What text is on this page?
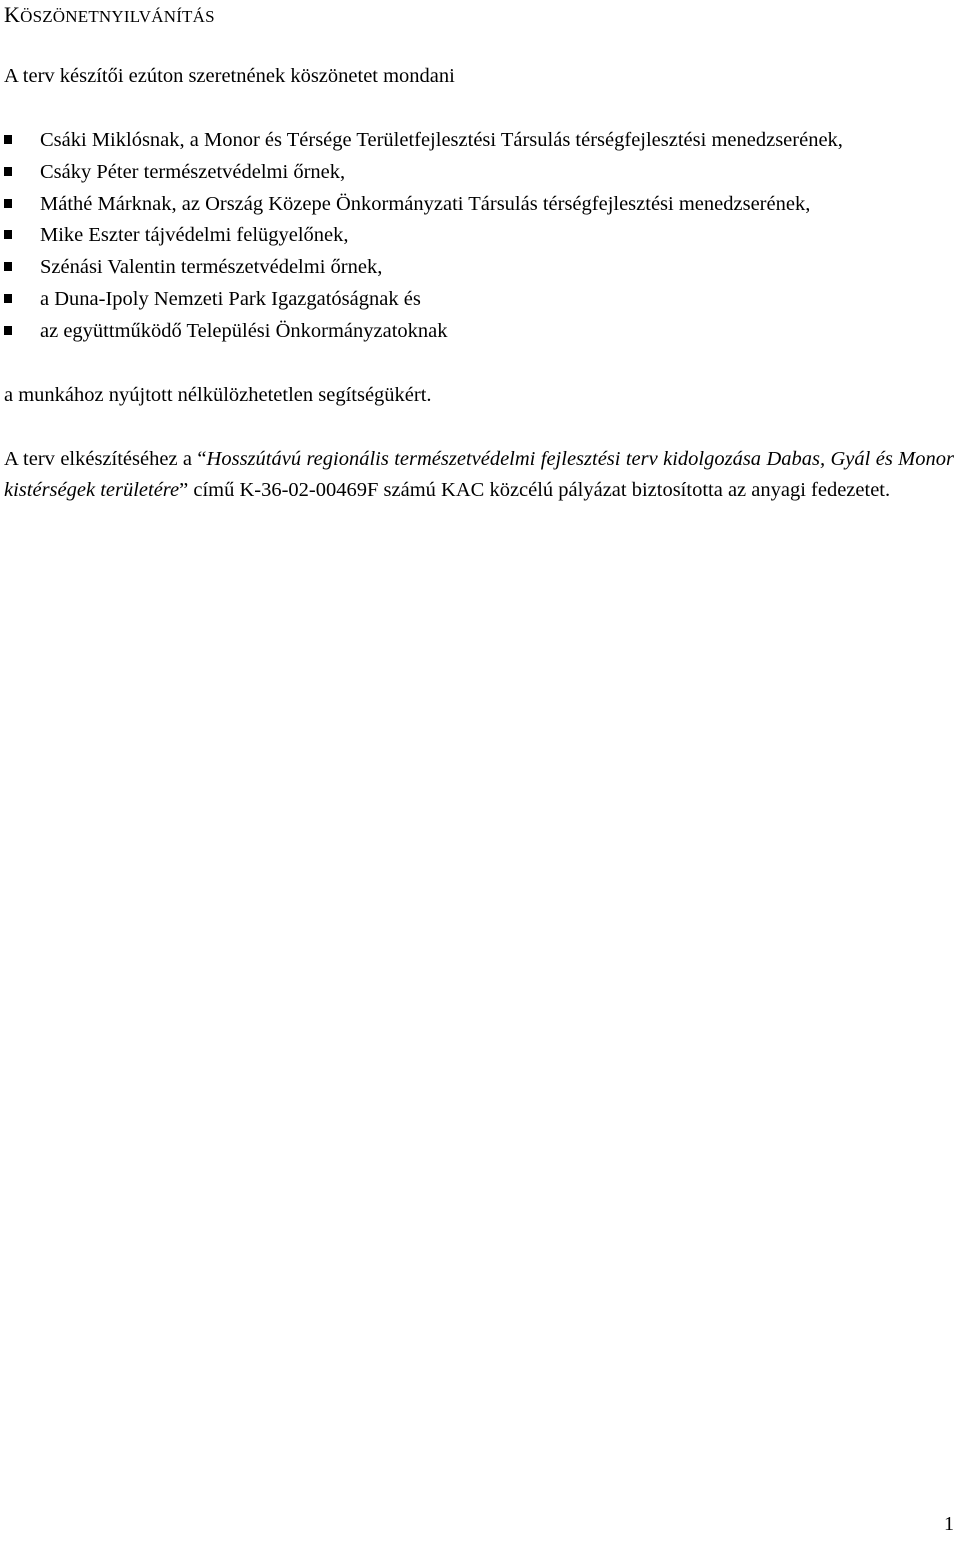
KÖSZÖNETNYILVÁNÍTÁS
A terv készítői ezúton szeretnének köszönetet mondani
Csáki Miklósnak, a Monor és Térsége Területfejlesztési Társulás térségfejlesztési menedzserének,
Csáky Péter természetvédelmi őrnek,
Máthé Márknak, az Ország Közepe Önkormányzati Társulás térségfejlesztési menedzserének,
Mike Eszter tájvédelmi felügyelőnek,
Szénási Valentin természetvédelmi őrnek,
a Duna-Ipoly Nemzeti Park Igazgatóságnak és
az együttműködő Települési Önkormányzatoknak
a munkához nyújtott nélkülözhetetlen segítségükért.

A terv elkészítéséhez a “Hosszútávú regionális természetvédelmi fejlesztési terv kidolgozása Dabas, Gyál és Monor kistérségek területére” című K-36-02-00469F számú KAC közcélú pályázat biztosította az anyagi fedezetet.

1
